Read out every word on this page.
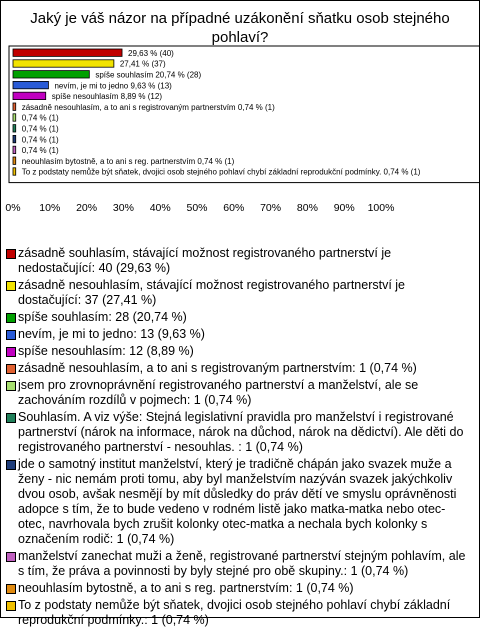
Jaký je váš názor na případné uzákonění sňatku osob stejného pohlaví?
29,63 % (40)
27,41 % (37)
spíše souhlasím 20,74 % (28)
nevím, je mi to jedno 9,63 % (13)
spíše nesouhlasím 8,89 % (12)
zásadně nesouhlasím, a to ani s registrovaným partnerstvím 0,74 % (1)
0,74 % (1)
0,74 % (1)
0,74 % (1)
0,74 % (1)
neouhlasím bytostně, a to ani s reg. partnerstvím 0,74 % (1)
To z podstaty nemůže být sňatek, dvojici osob stejného pohlaví chybí základní reprodukční podmínky. 0,74 % (1)
0% 10% 20% 30% 40% 50% 60% 70% 80% 90% 100%
zásadně souhlasím, stávající možnost registrovaného partnerství je nedostačující: 40 (29,63 %)
zásadně nesouhlasím, stávající možnost registrovaného partnerství je dostačující: 37 (27,41 %)
spíše souhlasím: 28 (20,74 %)
nevím, je mi to jedno: 13 (9,63 %)
spíše nesouhlasím: 12 (8,89 %)
zásadně nesouhlasím, a to ani s registrovaným partnerstvím: 1 (0,74 %)
jsem pro zrovnoprávnění registrovaného partnerství a manželství, ale se zachováním rozdílů v pojmech: 1 (0,74 %)
Souhlasím. A viz výše: Stejná legislativní pravidla pro manželství i registrované partnerství (nárok na informace, nárok na důchod, nárok na dědictví). Ale děti do registrovaného partnerství - nesouhlas. : 1 (0,74 %)
jde o samotný institut manželství, který je tradičně chápán jako svazek muže a ženy - nic nemám proti tomu, aby byl manželstvím nazýván svazek jakýchkoliv dvou osob, avšak nesmějí by mít důsledky do práv dětí ve smyslu oprávněnosti adopce s tím, že to bude vedeno v rodném listě jako matka-matka nebo otec-otec, navrhovala bych zrušit kolonky otec-matka a nechala bych kolonky s označením rodič: 1 (0,74 %)
manželství zanechat muži a ženě, registrované partnerství stejným pohlavím, ale s tím, že práva a povinnosti by byly stejné pro obě skupiny.: 1 (0,74 %)
neouhlasím bytostně, a to ani s reg. partnerstvím: 1 (0,74 %)
To z podstaty nemůže být sňatek, dvojici osob stejného pohlaví chybí základní reprodukční podmínky.: 1 (0,74 %)
